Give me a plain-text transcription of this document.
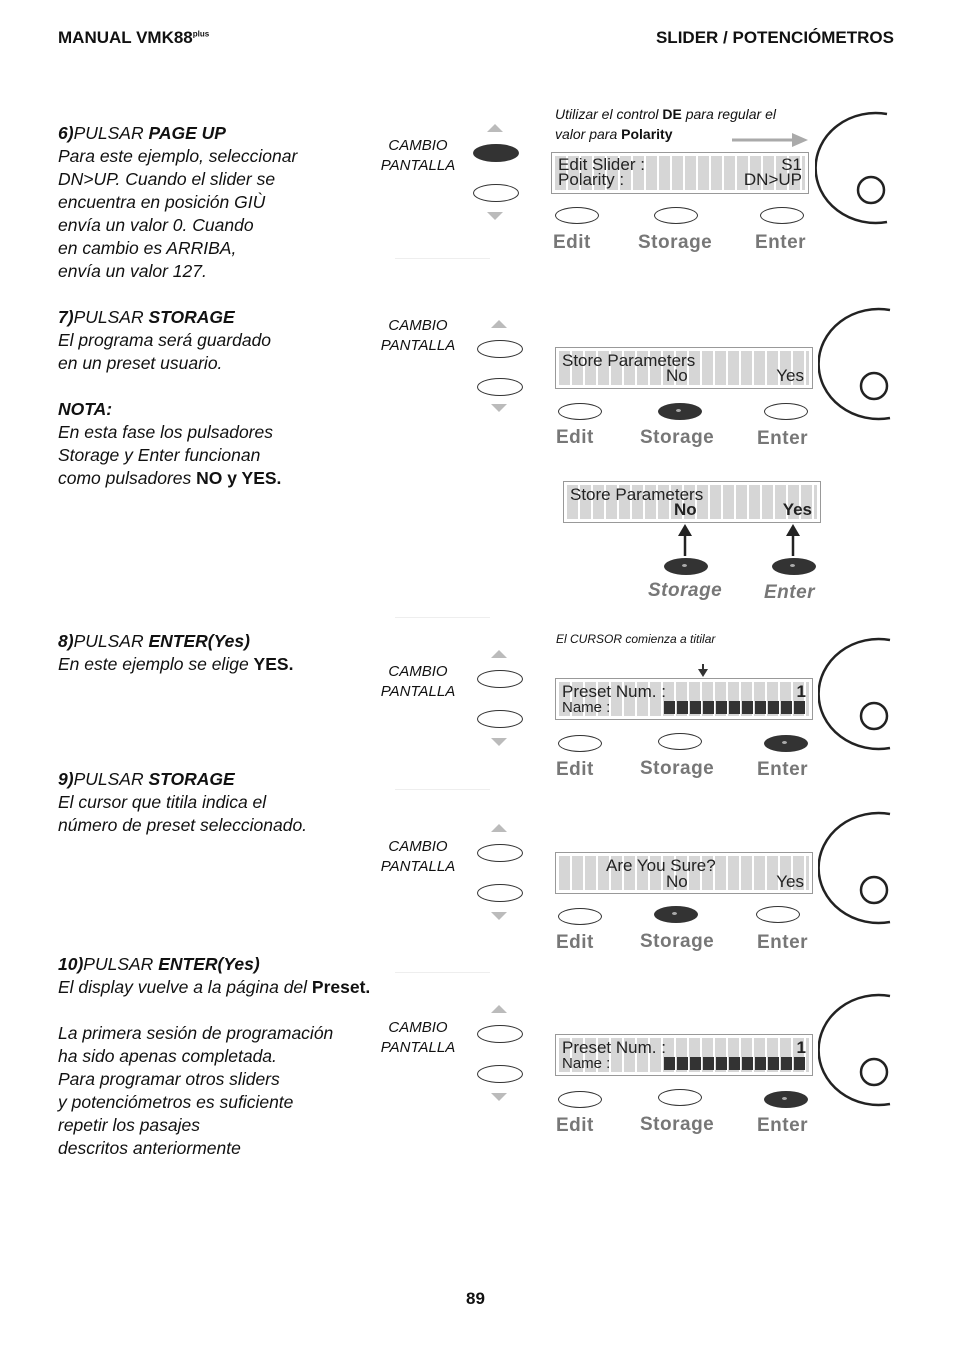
MANUAL $VMK88^{plus}$	SLIDER / POTENCIÓMETROS
6)PULSAR PAGE UP
Para este ejemplo, seleccionar
DN>UP. Cuando el slider se
encuentra en posición GIÙ
envía un valor 0. Cuando
en cambio es ARRIBA,
envía un valor 127.
CAMBIO
PANTALLA
Utilizar el control DE para regular el
valor para Polarity
Edit Slider :	S1
Polarity :	DN>UP
Edit Storage Enter
7)PULSAR STORAGE
El programa será guardado
en un preset usuario.

NOTA:
En esta fase los pulsadores
Storage y Enter funcionan
como pulsadores NO y YES.
CAMBIO
PANTALLA
Store Parameters
No	Yes
Edit Storage Enter
Store Parameters
No	Yes
Storage Enter
8)PULSAR ENTER(Yes)
En este ejemplo se elige YES.
El CURSOR comienza a titilar
CAMBIO
PANTALLA	Preset Num. :	1
Name :
Edit Storage Enter
9)PULSAR STORAGE
El cursor que titila indica el
número de preset seleccionado.
CAMBIO
PANTALLA	Are You Sure?
No	Yes
Edit Storage Enter
10)PULSAR ENTER(Yes)
El display vuelve a la página del Preset.

La primera sesión de programación
ha sido apenas completada.
Para programar otros sliders
y potenciómetros es suficiente
repetir los pasajes
descritos anteriormente
CAMBIO
PANTALLA	Preset Num. :	1
Name :
Edit Storage Enter
89
